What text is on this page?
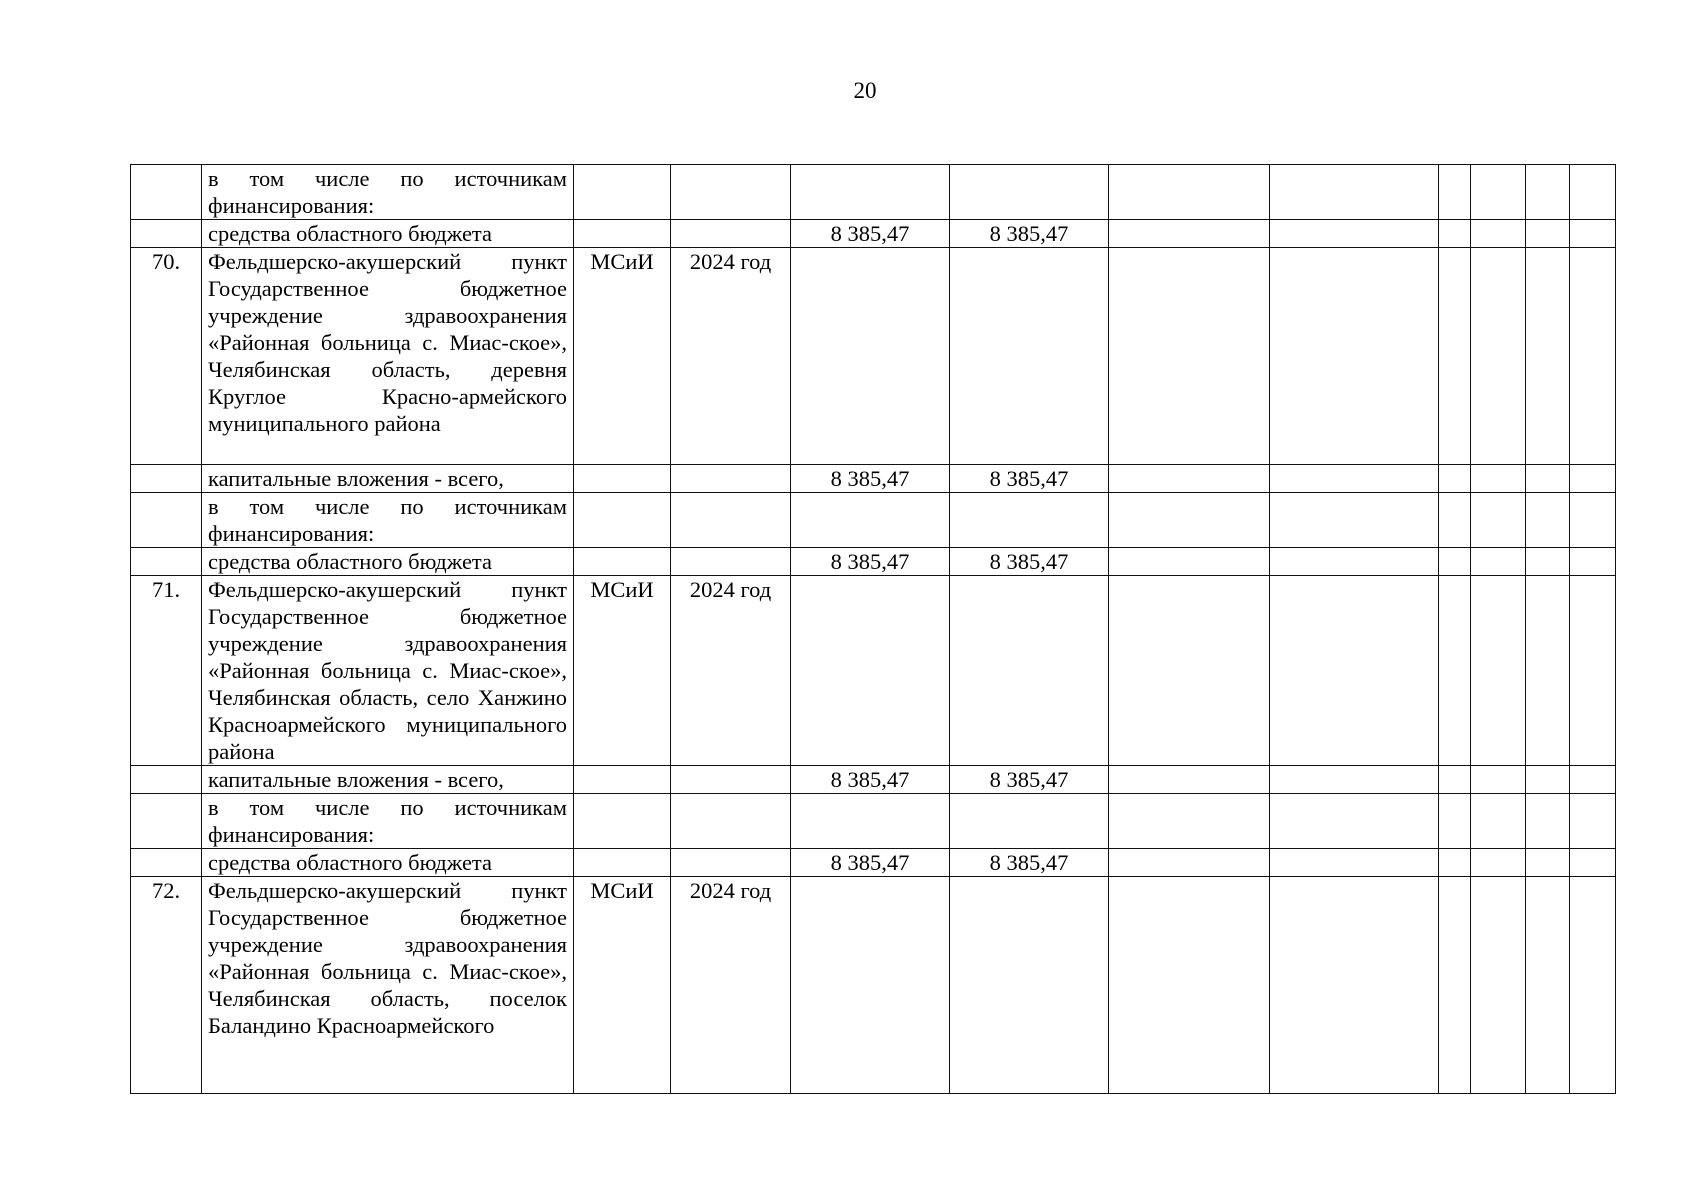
20
	в том числе по источникам финансирования:										
	средства областного бюджета			8 385,47	8 385,47						
70.	Фельдшерско-акушерский пункт Государственное бюджетное учреждение здравоохранения «Районная больница с. Миас-ское», Челябинская область, деревня Круглое Красно-армейского муниципального района	МСиИ	2024 год								
	капитальные вложения - всего,			8 385,47	8 385,47						
	в том числе по источникам финансирования:										
	средства областного бюджета			8 385,47	8 385,47						
71.	Фельдшерско-акушерский пункт Государственное бюджетное учреждение здравоохранения «Районная больница с. Миас-ское», Челябинская область, село Ханжино Красноармейского муниципального района	МСиИ	2024 год								
	капитальные вложения - всего,			8 385,47	8 385,47						
	в том числе по источникам финансирования:										
	средства областного бюджета			8 385,47	8 385,47						
72.	Фельдшерско-акушерский пункт Государственное бюджетное учреждение здравоохранения «Районная больница с. Миас-ское», Челябинская область, поселок Баландино Красноармейского	МСиИ	2024 год								
